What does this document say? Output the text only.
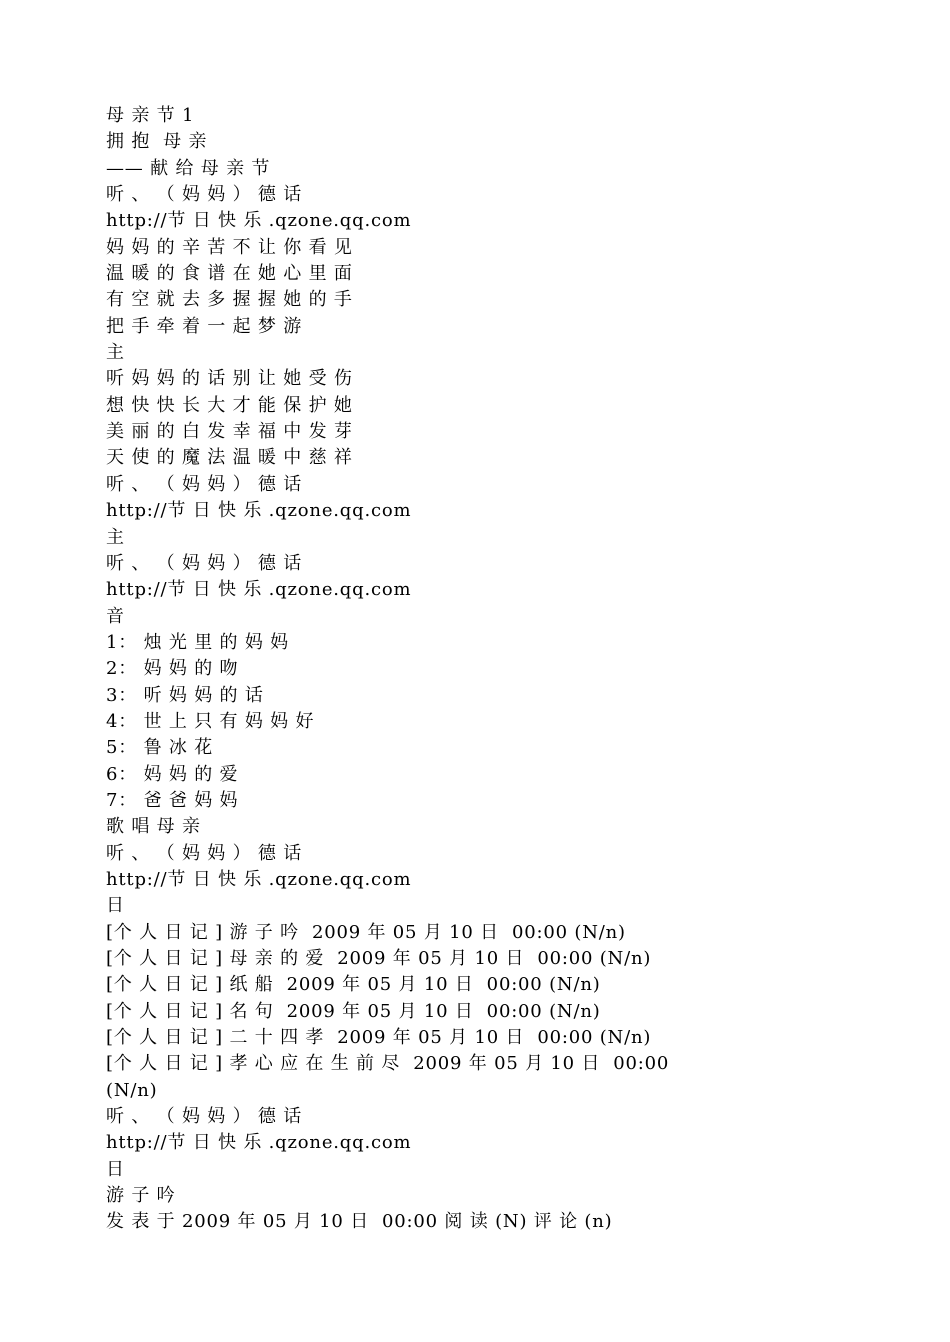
母 亲 节 1
拥 抱  母 亲
—— 献 给 母 亲 节
听 、 （ 妈 妈 ） 德 话
http://节 日 快 乐 .qzone.qq.com
妈 妈 的 辛 苦 不 让 你 看 见
温 暖 的 食 谱 在 她 心 里 面
有 空 就 去 多 握 握 她 的 手
把 手 牵 着 一 起 梦 游
主
听 妈 妈 的 话 别 让 她 受 伤
想 快 快 长 大 才 能 保 护 她
美 丽 的 白 发 幸 福 中 发 芽
天 使 的 魔 法 温 暖 中 慈 祥
听 、 （ 妈 妈 ） 德 话
http://节 日 快 乐 .qzone.qq.com
主
听 、 （ 妈 妈 ） 德 话
http://节 日 快 乐 .qzone.qq.com
音
1： 烛 光 里 的 妈 妈
2： 妈 妈 的 吻
3： 听 妈 妈 的 话
4： 世 上 只 有 妈 妈 好
5： 鲁 冰 花
6： 妈 妈 的 爱
7： 爸 爸 妈 妈
歌 唱 母 亲
听 、 （ 妈 妈 ） 德 话
http://节 日 快 乐 .qzone.qq.com
日
[个 人 日 记 ] 游 子 吟  2009 年 05 月 10 日  00:00 (N/n)
[个 人 日 记 ] 母 亲 的 爱  2009 年 05 月 10 日  00:00 (N/n)
[个 人 日 记 ] 纸 船  2009 年 05 月 10 日  00:00 (N/n)
[个 人 日 记 ] 名 句  2009 年 05 月 10 日  00:00 (N/n)
[个 人 日 记 ] 二 十 四 孝  2009 年 05 月 10 日  00:00 (N/n)
[个 人 日 记 ] 孝 心 应 在 生 前 尽  2009 年 05 月 10 日  00:00
(N/n)
听 、 （ 妈 妈 ） 德 话
http://节 日 快 乐 .qzone.qq.com
日
游 子 吟
发 表 于 2009 年 05 月 10 日  00:00 阅 读 (N) 评 论 (n)
